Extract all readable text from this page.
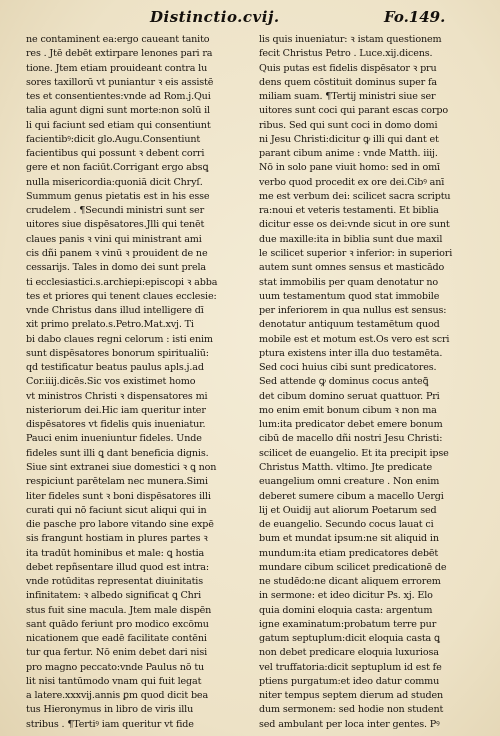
Distinctio.cvij.	Fo.149.
ne contaminent ea:ergo caueant tanito
res . Jtē debēt extirpare lenones pari ra
tione. Jtem etiam prouideant contra lu
sores taxillorū vt puniantur ꝛ eis assistē
tes et consentientes:vnde ad Rom.j.Qui
talia agunt digni sunt morte:non solū il
li qui faciunt sed etiam qui consentiunt
facientibꝰ:dicit glo.Augu.Consentiunt
facientibus qui possunt ꝛ debent corri
gere et non faciūt.Corrigant ergo absꝗ
nulla misericordia:quoniā dicit Chryſ.
Summum genus pietatis est in his esse
crudelem . ¶Secundi ministri sunt ser
uitores siue dispēsatores.Jlli qui tenēt
claues panis ꝛ vini qui ministrant ami
cis dñi panem ꝛ vinū ꝛ prouident de ne
cessarijs. Tales in domo dei sunt prela
ti ecclesiastici.s.archiepi:episcopi ꝛ abba
tes et priores qui tenent claues ecclesie:
vnde Christus dans illud intelligere dī
xit primo prelato.s.Petro.Mat.xvj. Ti
bi dabo claues regni celorum : isti enim
sunt dispēsatores bonorum spiritualiū:
qd testificatur beatus paulus apls.j.ad
Cor.iiij.dicēs.Sic vos existimet homo
vt ministros Christi ꝛ dispensatores mi
nisteriorum dei.Hic iam queritur inter
dispēsatores vt fidelis quis inueniatur.
Pauci enim inueniuntur fideles. Unde
fideles sunt illi ꝗ dant beneficia dignis.
Siue sint extranei siue domestici ꝛ ꝗ non
respiciunt parētelam nec munera.Simi
liter fideles sunt ꝛ boni dispēsatores illi
curati qui nō faciunt sicut aliqui qui in
die pasche pro labore vitando sine expē
sis frangunt hostiam in plures partes ꝛ
ita tradūt hominibus et male: ꝗ hostia
debet repñsentare illud quod est intra:
vnde rotūditas representat diuinitatis
infinitatem: ꝛ albedo significat ꝗ Chri
stus fuit sine macula. Jtem male dispēn
sant quādo feriunt pro modico excōmu
nicationem que eadē facilitate contēni
tur qua fertur. Nō enim debet dari nisi
pro magno peccato:vnde Paulus nō tu
lit nisi tantūmodo vnam qui fuit legat
a latere.xxxvij.annis ꝑm quod dicit bea
tus Hieronymus in libro de viris illu
stribus . ¶Tertiꝰ iam queritur vt fide
lis quis inueniatur: ꝛ istam questionem
fecit Christus Petro . Luce.xij.dicens.
Quis putas est fidelis dispēsator ꝛ pru
dens quem cōstituit dominus super fa
miliam suam. ¶Tertij ministri siue ser
uitores sunt coci qui parant escas corpo
ribus. Sed qui sunt coci in domo domi
ni Jesu Christi:dicitur ꝙ illi qui dant et
parant cibum anime : vnde Matth. iiij.
Nō in solo pane viuit homo: sed in omī
verbo quod procedit ex ore dei.Cibꝰ anī
me est verbum dei: scilicet sacra scriptu
ra:noui et veteris testamenti. Et biblia
dicitur esse os dei:vnde sicut in ore sunt
due maxille:ita in biblia sunt due maxil
le scilicet superior ꝛ inferior: in superiori
autem sunt omnes sensus et masticādo
stat immobilis per quam denotatur no
uum testamentum quod stat immobile
per inferiorem in qua nullus est sensus:
denotatur antiquum testamētum quod
mobile est et motum est.Os vero est scri
ptura existens inter illa duo testamēta.
Sed coci huius cibi sunt predicatores.
Sed attende ꝙ dominus cocus anteꝗ̃
det cibum domino seruat quattuor. Pri
mo enim emit bonum cibum ꝛ non ma
lum:ita predicator debet emere bonum
cibū de macello dñi nostri Jesu Christi:
scilicet de euangelio. Et ita precipit ipse
Christus Matth. vltimo. Jte predicate
euangelium omni creature . Non enim
deberet sumere cibum a macello Uergi
lij et Ouidij aut aliorum Poetarum sed
de euangelio. Secundo cocus lauat ci
bum et mundat ipsum:ne sit aliquid in
mundum:ita etiam predicatores debēt
mundare cibum scilicet predicationē de
ne studēdo:ne dicant aliquem errorem
in sermone: et ideo dicitur Ps. xj. Elo
quia domini eloquia casta: argentum
igne examinatum:probatum terre pur
gatum septuplum:dicit eloquia casta ꝗ
non debet predicare eloquia luxuriosa
vel truffatoria:dicit septuplum id est fe
ptiens purgatum:et ideo datur commu
niter tempus septem dierum ad studen
dum sermonem: sed hodie non student
sed ambulant per loca inter gentes. Pꝰ
